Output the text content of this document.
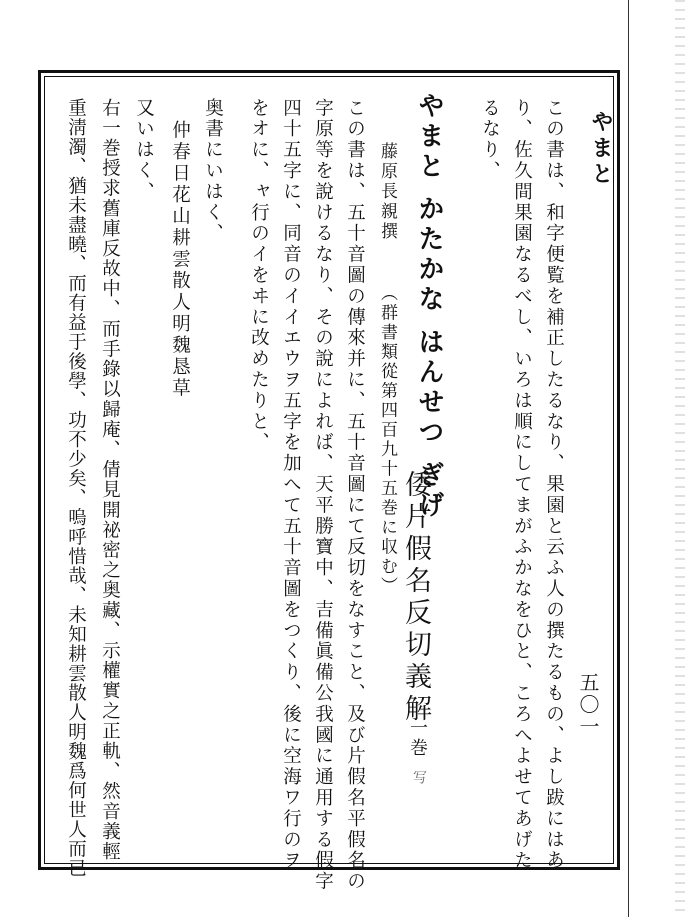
やまと
五〇一
この書は、和字便覧を補正したるなり、果園と云ふ人の撰たるもの、よし跋にはあ
り、佐久間果園なるべし、いろは順にしてまがふかなをひと、ころへよせてあげた
るなり、
やまと かたかな はんせつ ぎげ
倭片假名反切義解
一巻
写
藤原長親撰
（群書類從第四百九十五巻に収む）
この書は、五十音圖の傳來并に、五十音圖にて反切をなすこと、及び片假名平假名の
字原等を說けるなり、その說によれば、天平勝寶中、吉備眞備公我國に通用する假字
四十五字に、同音のイイエウヲ五字を加へて五十音圖をつくり、後に空海ワ行のヲ
をオに、ャ行のイをヰに改めたりと、
奥書にいはく、
仲春日花山耕雲散人明魏恳草
又いはく、
右一巻授求舊庫反故中、而手錄以歸庵、倩見開祕密之奥藏、示權實之正軌、然音義輕
重淸濁、猶未盡曉、而有益于後學、功不少矣、嗚呼惜哉、未知耕雲散人明魏爲何世人而已
